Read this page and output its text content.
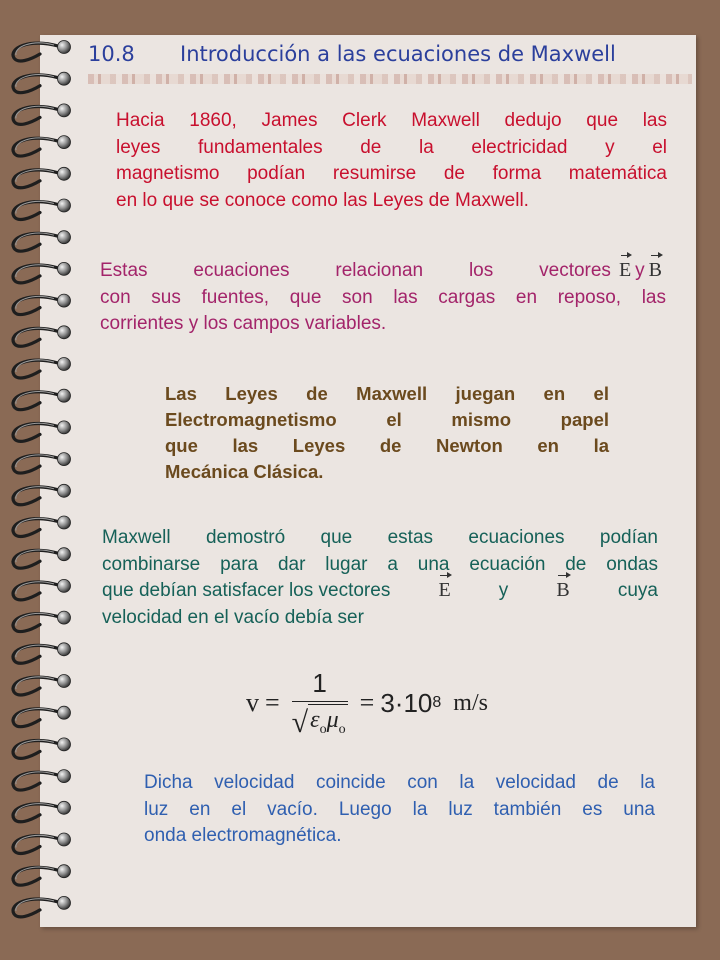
10.8 Introducción a las ecuaciones de Maxwell
Hacia 1860, James Clerk Maxwell dedujo que las
leyes fundamentales de la electricidad y el
magnetismo podían resumirse de forma matemática
en lo que se conoce como las Leyes de Maxwell.
Estas ecuaciones relacionan los vectores E y B
con sus fuentes, que son las cargas en reposo, las
corrientes y los campos variables.
Las Leyes de Maxwell juegan en el
Electromagnetismo el mismo papel
que las Leyes de Newton en la
Mecánica Clásica.
Maxwell demostró que estas ecuaciones podían
combinarse para dar lugar a una ecuación de ondas
que debían satisfacer los vectores E	y B	cuya
velocidad en el vacío debía ser
$v = \frac{1}{√ \varepsilon_o\mu_o} = 3\cdot 10$ 8 m/s
Dicha velocidad coincide con la velocidad de la
luz en el vacío. Luego la luz también es una
onda electromagnética.
